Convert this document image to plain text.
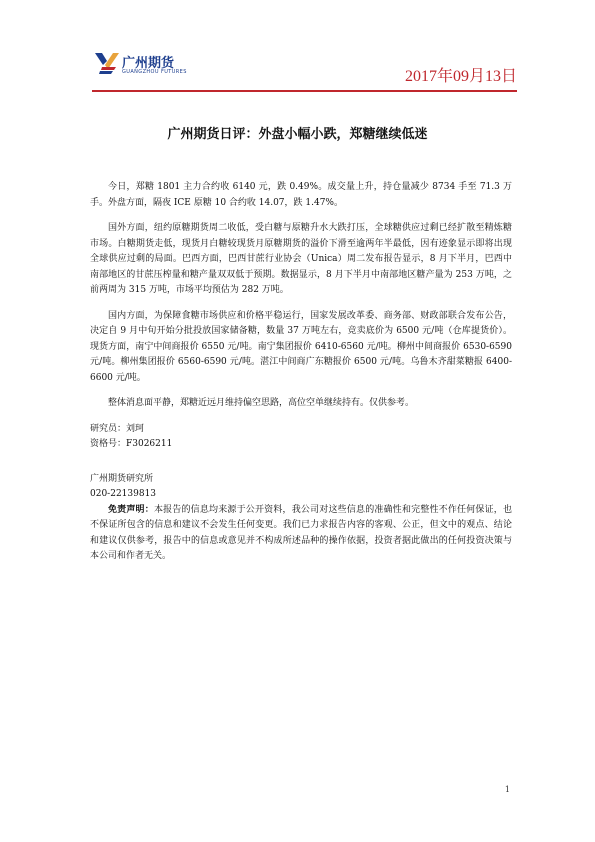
广州期货
GUANGZHOU FUTURES	2017年09月13日
广州期货日评：外盘小幅小跌，郑糖继续低迷

今日，郑糖 1801 主力合约收 6140 元，跌 0.49%。成交量上升，持仓量减少 8734 手至 71.3 万手。外盘方面，隔夜 ICE 原糖 10 合约收 14.07，跌 1.47%。

国外方面，纽约原糖期货周二收低，受白糖与原糖升水大跌打压，全球糖供应过剩已经扩散至精炼糖市场。白糖期货走低，现货月白糖较现货月原糖期货的溢价下滑至逾两年半最低，因有迹象显示即将出现全球供应过剩的局面。巴西方面，巴西甘蔗行业协会（Unica）周二发布报告显示，8 月下半月，巴西中南部地区的甘蔗压榨量和糖产量双双低于预期。数据显示，8 月下半月中南部地区糖产量为 253 万吨，之前两周为 315 万吨，市场平均预估为 282 万吨。

国内方面，为保障食糖市场供应和价格平稳运行，国家发展改革委、商务部、财政部联合发布公告，决定自 9 月中旬开始分批投放国家储备糖，数量 37 万吨左右，竞卖底价为 6500 元/吨（仓库提货价）。现货方面，南宁中间商报价 6550 元/吨。南宁集团报价 6410-6560 元/吨。柳州中间商报价 6530-6590 元/吨。柳州集团报价 6560-6590 元/吨。湛江中间商广东糖报价 6500 元/吨。乌鲁木齐甜菜糖报 6400-6600 元/吨。

整体消息面平静，郑糖近远月维持偏空思路，高位空单继续持有。仅供参考。

研究员：刘珂
资格号：F3026211
广州期货研究所
020-22139813

免责声明：本报告的信息均来源于公开资料，我公司对这些信息的准确性和完整性不作任何保证，也不保证所包含的信息和建议不会发生任何变更。我们已力求报告内容的客观、公正，但文中的观点、结论和建议仅供参考，报告中的信息或意见并不构成所述品种的操作依据，投资者据此做出的任何投资决策与本公司和作者无关。

1
